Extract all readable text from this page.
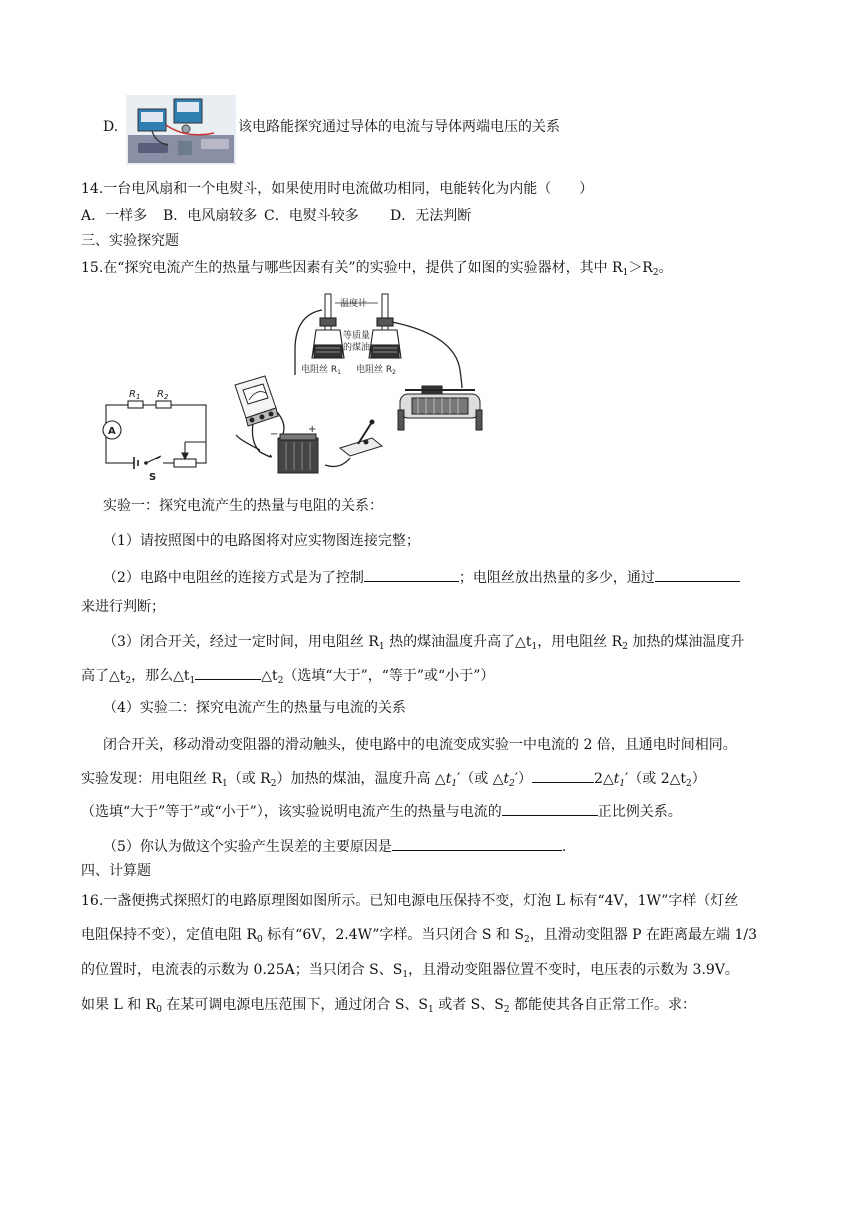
D.	该电路能探究通过导体的电流与导体两端电压的关系
14.一台电风扇和一个电熨斗，如果使用时电流做功相同，电能转化为内能（　　）
A．一样多 B．电风扇较多 C．电熨斗较多 D．无法判断
三、实验探究题
15.在“探究电流产生的热量与哪些因素有关”的实验中，提供了如图的实验器材，其中 $R_1>R_2$。
A
$R_1$ $R_2$
S
温度计
等质量
的煤油
电阻丝 $R_1$ 电阻丝 $R_2$
−	+
实验一：探究电流产生的热量与电阻的关系：
（1）请按照图中的电路图将对应实物图连接完整；
（2）电路中电阻丝的连接方式是为了控制	；电阻丝放出热量的多少，通过
来进行判断；
（3）闭合开关，经过一定时间，用电阻丝 $R_1$ 热的煤油温度升高了$\triangle t_1$，用电阻丝 $R_2$ 加热的煤油温度升
高了$\triangle t_2$，那么$\triangle t_1$	$\triangle t_2$（选填“大于”，“等于”或“小于”）
（4）实验二：探究电流产生的热量与电流的关系
闭合开关，移动滑动变阻器的滑动触头，使电路中的电流变成实验一中电流的 2 倍，且通电时间相同。
实验发现：用电阻丝 $R_1$（或 $R_2$）加热的煤油，温度升高 $\triangle t_1'$（或 $\triangle t_2'$）	$2\triangle t_1'$（或 $2\triangle t_2$）
（选填“大于”等于”或“小于”），该实验说明电流产生的热量与电流的	正比例关系。
（5）你认为做这个实验产生误差的主要原因是	.
四、计算题
16.一盏便携式探照灯的电路原理图如图所示。已知电源电压保持不变，灯泡 L 标有“4V，1W”字样（灯丝
电阻保持不变），定值电阻 $R_0$ 标有“6V，2.4W”字样。当只闭合 S 和 $S_2$，且滑动变阻器 P 在距离最左端 1/3
的位置时，电流表的示数为 0.25A；当只闭合 S、$S_1$，且滑动变阻器位置不变时，电压表的示数为 3.9V。
如果 L 和 $R_0$ 在某可调电源电压范围下，通过闭合 S、$S_1$ 或者 S、$S_2$ 都能使其各自正常工作。求：
